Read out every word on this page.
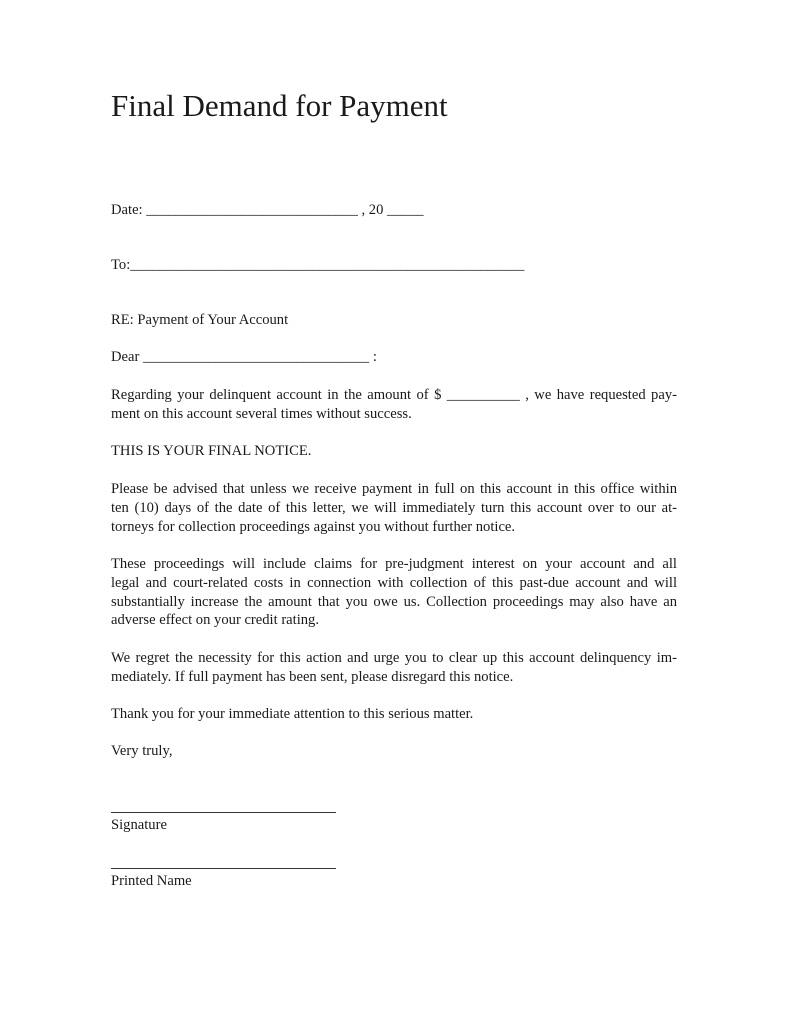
Final Demand for Payment
Date: _____________________________ , 20 _____
To:______________________________________________________
RE: Payment of Your Account
Dear _______________________________ :
Regarding your delinquent account in the amount of $ __________ , we have requested pay-
ment on this account several times without success.
THIS IS YOUR FINAL NOTICE.
Please be advised that unless we receive payment in full on this account in this office within
ten (10) days of the date of this letter, we will immediately turn this account over to our at-
torneys for collection proceedings against you without further notice.
These proceedings will include claims for pre-judgment interest on your account and all
legal and court-related costs in connection with collection of this past-due account and will
substantially increase the amount that you owe us. Collection proceedings may also have an
adverse effect on your credit rating.
We regret the necessity for this action and urge you to clear up this account delinquency im-
mediately. If full payment has been sent, please disregard this notice.
Thank you for your immediate attention to this serious matter.
Very truly,
Signature
Printed Name
